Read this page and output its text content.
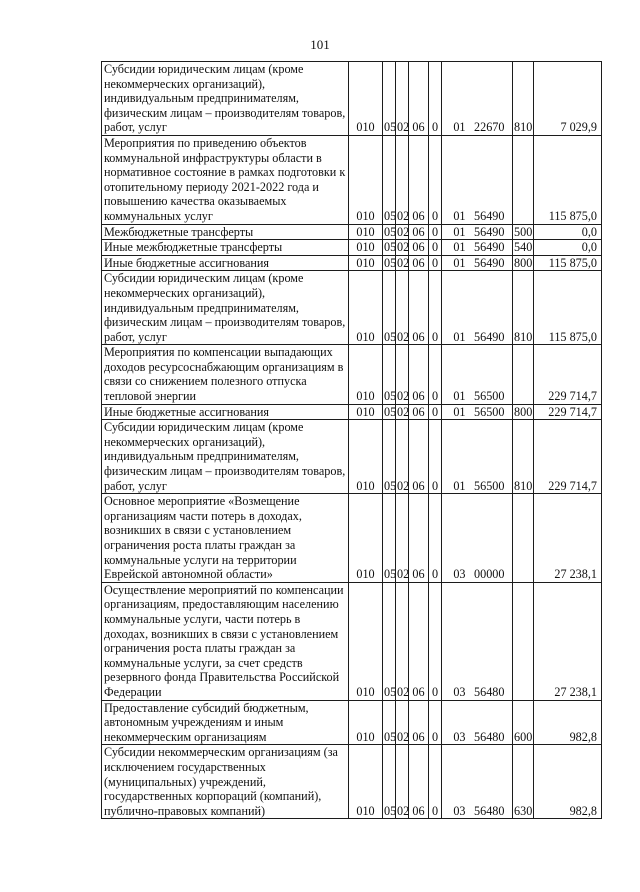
101
Субсидии юридическим лицам (кроме некоммерческих организаций), индивидуальным предпринимателям, физическим лицам – производителям товаров, работ, услуг	010	05	02	06	0	01	22670	810	7 029,9
Мероприятия по приведению объектов коммунальной инфраструктуры области в нормативное состояние в рамках подготовки к отопительному периоду 2021-2022 года и повышению качества оказываемых коммунальных услуг	010	05	02	06	0	01	56490		115 875,0
Межбюджетные трансферты	010	05	02	06	0	01	56490	500	0,0
Иные межбюджетные трансферты	010	05	02	06	0	01	56490	540	0,0
Иные бюджетные ассигнования	010	05	02	06	0	01	56490	800	115 875,0
Субсидии юридическим лицам (кроме некоммерческих организаций), индивидуальным предпринимателям, физическим лицам – производителям товаров, работ, услуг	010	05	02	06	0	01	56490	810	115 875,0
Мероприятия по компенсации выпадающих доходов ресурсоснабжающим организациям в связи со снижением полезного отпуска тепловой энергии	010	05	02	06	0	01	56500		229 714,7
Иные бюджетные ассигнования	010	05	02	06	0	01	56500	800	229 714,7
Субсидии юридическим лицам (кроме некоммерческих организаций), индивидуальным предпринимателям, физическим лицам – производителям товаров, работ, услуг	010	05	02	06	0	01	56500	810	229 714,7
Основное мероприятие «Возмещение организациям части потерь в доходах, возникших в связи с установлением ограничения роста платы граждан за коммунальные услуги на территории Еврейской автономной области»	010	05	02	06	0	03	00000		27 238,1
Осуществление мероприятий по компенсации организациям, предоставляющим населению коммунальные услуги, части потерь в доходах, возникших в связи с установлением ограничения роста платы граждан за коммунальные услуги, за счет средств резервного фонда Правительства Российской Федерации	010	05	02	06	0	03	56480		27 238,1
Предоставление субсидий бюджетным, автономным учреждениям и иным некоммерческим организациям	010	05	02	06	0	03	56480	600	982,8
Субсидии некоммерческим организациям (за исключением государственных (муниципальных) учреждений, государственных корпораций (компаний), публично-правовых компаний)	010	05	02	06	0	03	56480	630	982,8
